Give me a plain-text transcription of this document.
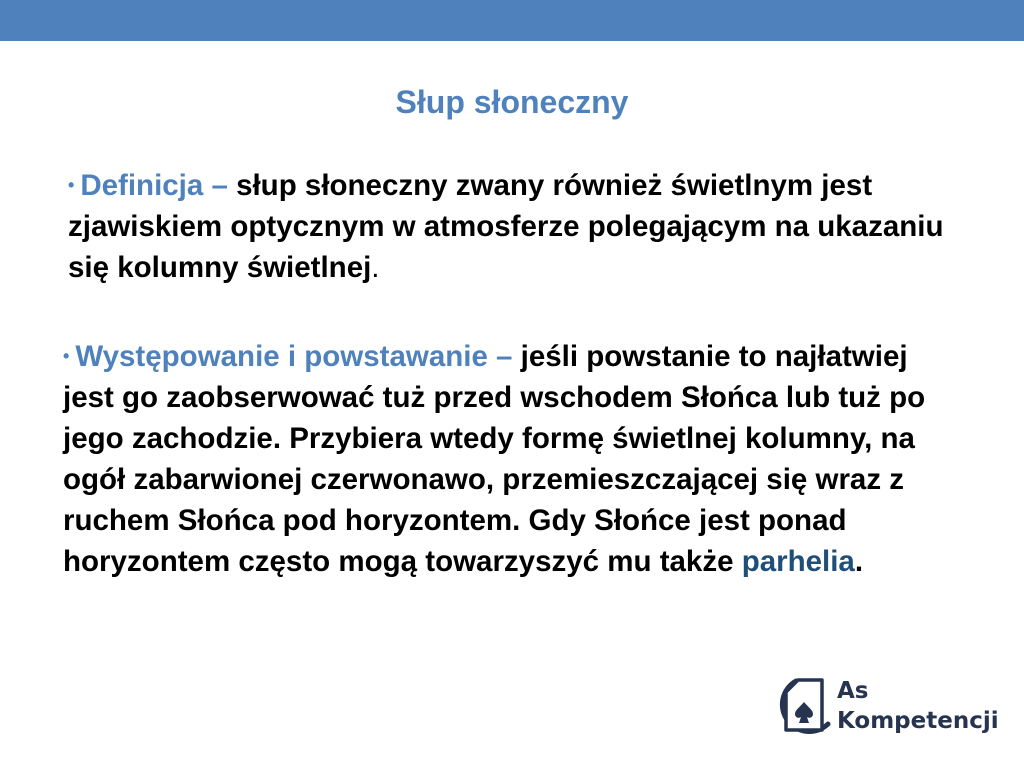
Słup słoneczny
• Definicja – słup słoneczny zwany również świetlnym jest zjawiskiem optycznym w atmosferze polegającym na ukazaniu się kolumny świetlnej.
• Występowanie i powstawanie – jeśli powstanie to najłatwiej jest go zaobserwować tuż przed wschodem Słońca lub tuż po jego zachodzie. Przybiera wtedy formę świetlnej kolumny, na ogół zabarwionej czerwonawo, przemieszczającej się wraz z ruchem Słońca pod horyzontem. Gdy Słońce jest ponad horyzontem często mogą towarzyszyć mu także parhelia.
As
Kompetencji
